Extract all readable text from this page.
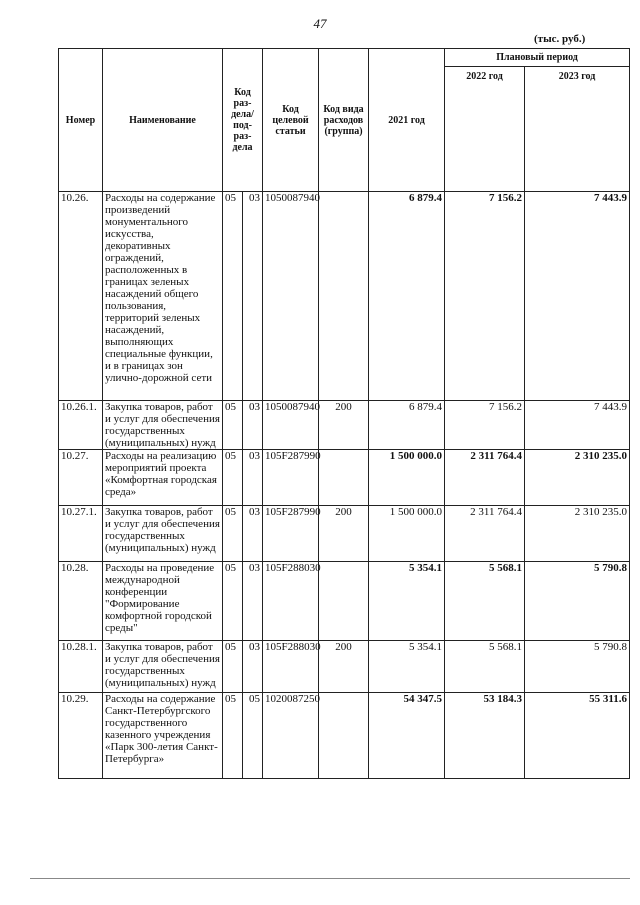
47
(тыс. руб.)
Номер	Наименование	Код раз-дела/ под-раз-дела		Код целевой статьи	Код вида расходов (группа)	2021 год	Плановый период	
							2022 год	2023 год
10.26.	Расходы на содержание произведений монументального искусства, декоративных ограждений, расположенных в границах зеленых насаждений общего пользования, территорий зеленых насаждений, выполняющих специальные функции, и в границах зон улично-дорожной сети	05	03	1050087940		6 879.4	7 156.2	7 443.9
10.26.1.	Закупка товаров, работ и услуг для обеспечения государственных (муниципальных) нужд	05	03	1050087940	200	6 879.4	7 156.2	7 443.9
10.27.	Расходы на реализацию мероприятий проекта «Комфортная городская среда»	05	03	105F287990		1 500 000.0	2 311 764.4	2 310 235.0
10.27.1.	Закупка товаров, работ и услуг для обеспечения государственных (муниципальных) нужд	05	03	105F287990	200	1 500 000.0	2 311 764.4	2 310 235.0
10.28.	Расходы на проведение международной конференции "Формирование комфортной городской среды"	05	03	105F288030		5 354.1	5 568.1	5 790.8
10.28.1.	Закупка товаров, работ и услуг для обеспечения государственных (муниципальных) нужд	05	03	105F288030	200	5 354.1	5 568.1	5 790.8
10.29.	Расходы на содержание Санкт-Петербургского государственного казенного учреждения «Парк 300-летия Санкт-Петербурга»	05	05	1020087250		54 347.5	53 184.3	55 311.6
